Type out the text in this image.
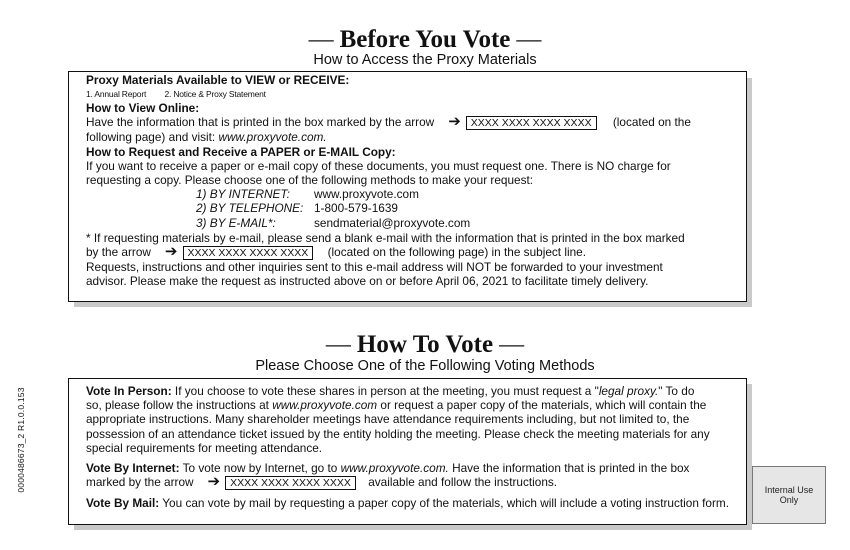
— Before You Vote —
How to Access the Proxy Materials
Proxy Materials Available to VIEW or RECEIVE:
1. Annual Report 2. Notice & Proxy Statement
How to View Online:
Have the information that is printed in the box marked by the arrow ➔ XXXX XXXX XXXX XXXX (located on the
following page) and visit: www.proxyvote.com.
How to Request and Receive a PAPER or E-MAIL Copy:
If you want to receive a paper or e-mail copy of these documents, you must request one. There is NO charge for
requesting a copy. Please choose one of the following methods to make your request:
1) BY INTERNET: www.proxyvote.com
2) BY TELEPHONE: 1-800-579-1639
3) BY E-MAIL*:	sendmaterial@proxyvote.com
* If requesting materials by e-mail, please send a blank e-mail with the information that is printed in the box marked
by the arrow ➔ XXXX XXXX XXXX XXXX (located on the following page) in the subject line.
Requests, instructions and other inquiries sent to this e-mail address will NOT be forwarded to your investment
advisor. Please make the request as instructed above on or before April 06, 2021 to facilitate timely delivery.
— How To Vote —
Please Choose One of the Following Voting Methods
Vote In Person: If you choose to vote these shares in person at the meeting, you must request a "legal proxy." To do
so, please follow the instructions at www.proxyvote.com or request a paper copy of the materials, which will contain the
appropriate instructions. Many shareholder meetings have attendance requirements including, but not limited to, the
possession of an attendance ticket issued by the entity holding the meeting. Please check the meeting materials for any
special requirements for meeting attendance.
Vote By Internet: To vote now by Internet, go to www.proxyvote.com. Have the information that is printed in the box
marked by the arrow ➔ XXXX XXXX XXXX XXXX available and follow the instructions.
Vote By Mail: You can vote by mail by requesting a paper copy of the materials, which will include a voting instruction form.
0000486673_2 R1.0.0.153	Internal Use Only
